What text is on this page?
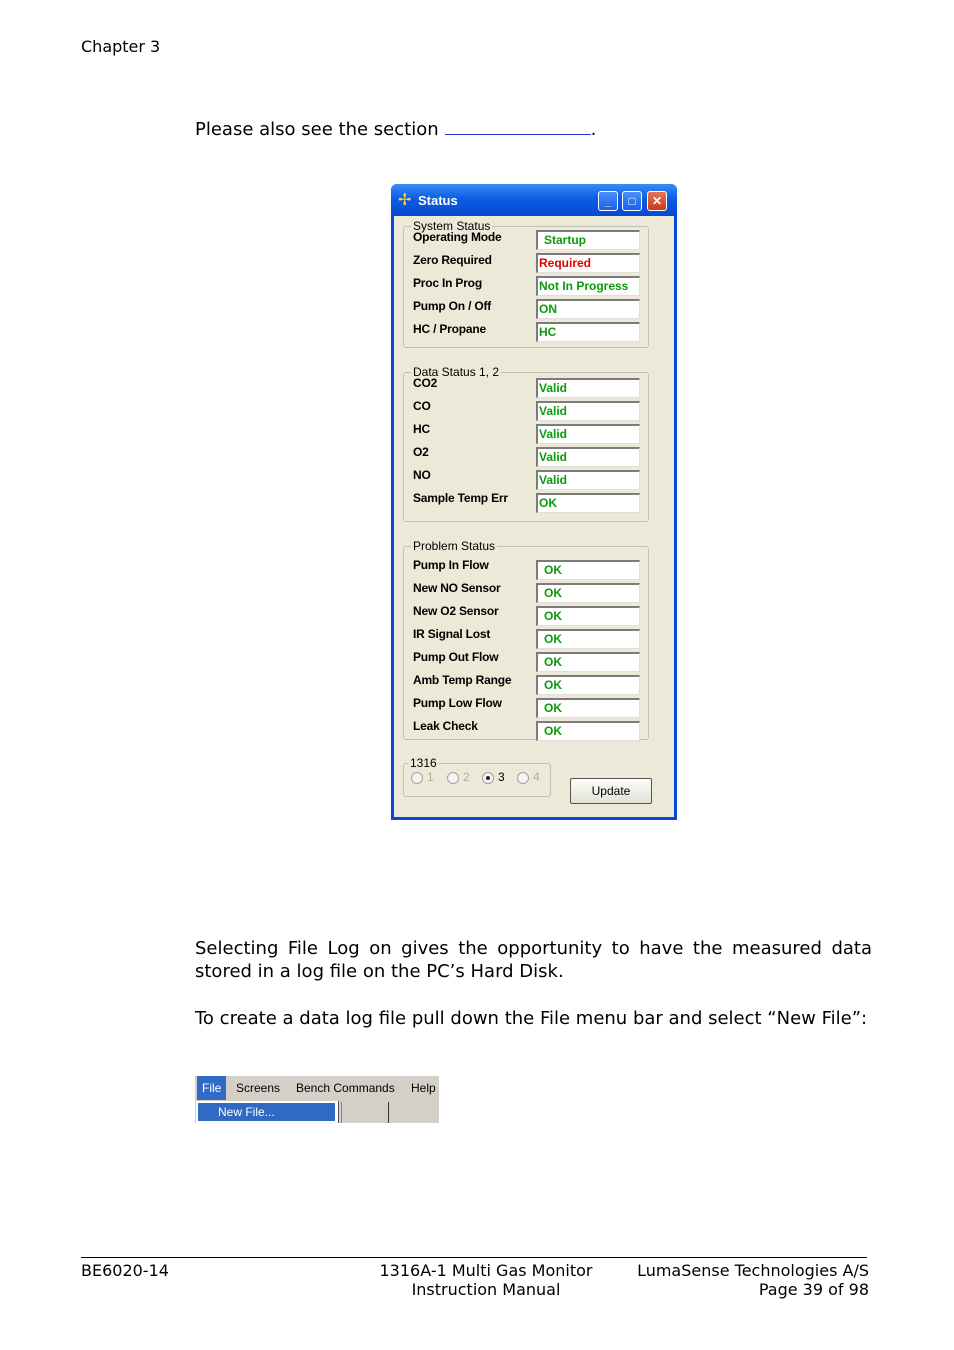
Chapter 3
Please also see the section	.
✢ Status	_	□	✕
System Status
Operating Mode	Startup
Zero Required	Required
Proc In Prog	Not In Progress
Pump On / Off	ON
HC / Propane	HC
Data Status 1, 2
CO2	Valid
CO	Valid
HC	Valid
O2	Valid
NO	Valid
Sample Temp Err	OK
Problem Status
Pump In Flow	OK
New NO Sensor	OK
New O2 Sensor	OK
IR Signal Lost	OK
Pump Out Flow	OK
Amb Temp Range	OK
Pump Low Flow	OK
Leak Check	OK
1316
1 2 3 4
Update
Selecting File Log on gives the opportunity to have the measured data stored in a log file on the PC’s Hard Disk.
To create a data log file pull down the File menu bar and select “New File”:
File	Screens	Bench Commands	Help
New File...
BE6020-14	1316A-1 Multi Gas Monitor
Instruction Manual
LumaSense Technologies A/S
Page 39 of 98
